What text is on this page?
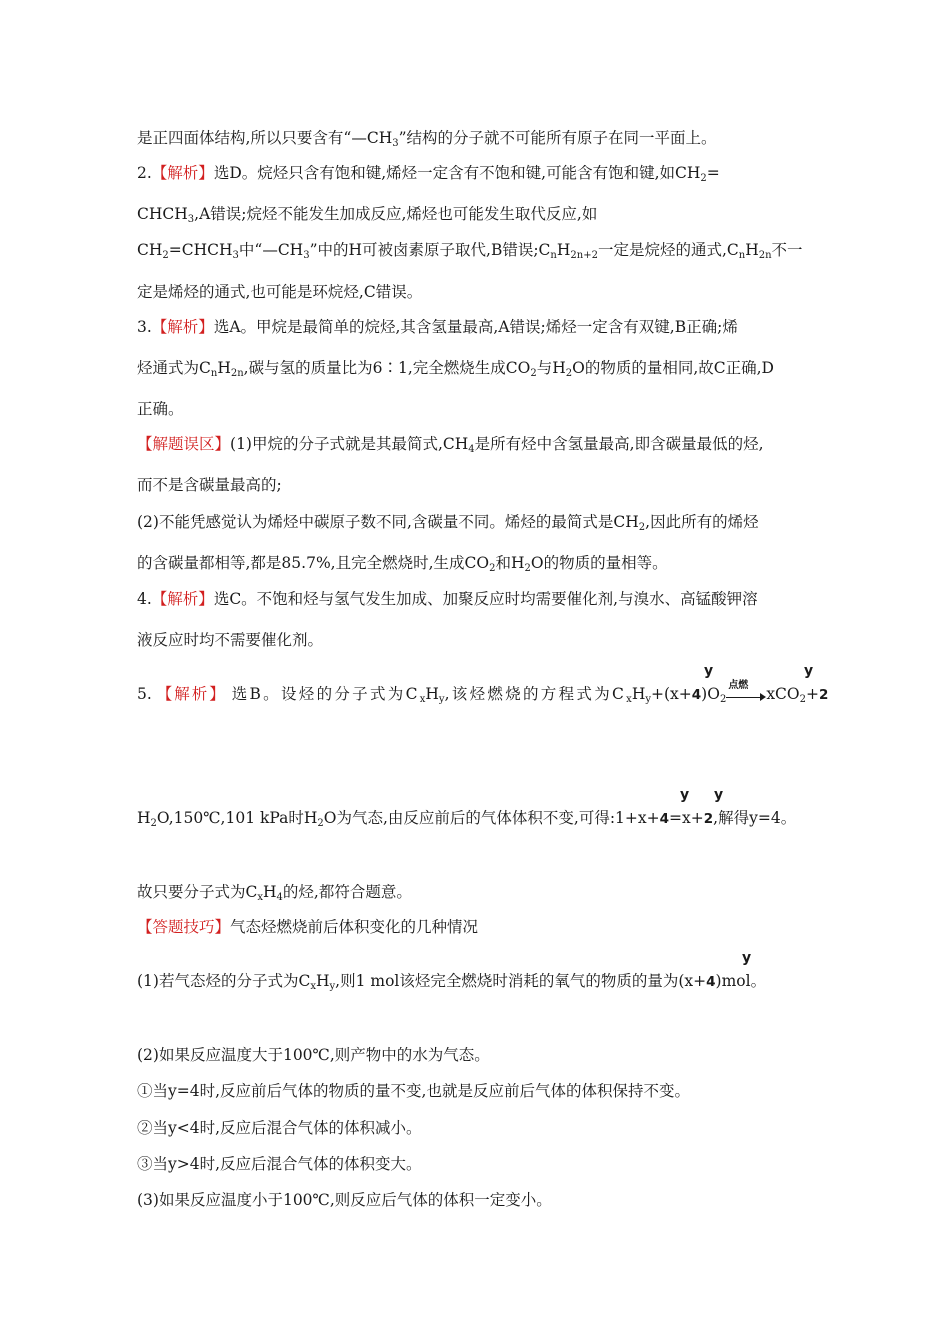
是正四面体结构,所以只要含有“$—CH_3$”结构的分子就不可能所有原子在同一平面上。
2.【解析】选D。烷烃只含有饱和键,烯烃一定含有不饱和键,可能含有饱和键,如$CH_2=$
$CHCH_3,A$错误;烷烃不能发生加成反应,烯烃也可能发生取代反应,如
$CH_2=CHCH_3$中“$—CH_3$”中的H可被卤素原子取代,B错误$;C_nH_{2n+2}$一定是烷烃的通式$,C_nH_{2n}$不一
定是烯烃的通式,也可能是环烷烃,C错误。
3.【解析】选A。甲烷是最简单的烷烃,其含氢量最高,A错误;烯烃一定含有双键,B正确;烯
烃通式为$C_nH_{2n}$,碳与氢的质量比为6∶1,完全燃烧生成$CO_2$与$H_2O$的物质的量相同,故C正确,D
正确。
【解题误区】(1)甲烷的分子式就是其最简式$,CH_4$是所有烃中含氢量最高,即含碳量最低的烃,
而不是含碳量最高的;
(2)不能凭感觉认为烯烃中碳原子数不同,含碳量不同。烯烃的最简式是$CH_2$,因此所有的烯烃
的含碳量都相等,都是85.7%,且完全燃烧时,生成$CO_2$和$H_2O$的物质的量相等。
4.【解析】选C。不饱和烃与氢气发生加成、加聚反应时均需要催化剂,与溴水、高锰酸钾溶
液反应时均不需要催化剂。
y	y
5. 【解析】 选B。设烃的分子式为$C_xH_y$,该烃燃烧的方程式为$C_xH_y+(x+4)O_2$
点燃 xCO$_2$+2
y y
$H_2O,150℃,101$ kPa时$H_2O$为气态,由反应前后的气体体积不变,可得:1+x+4=x+2,解得y=4。
故只要分子式为$C_xH_4$的烃,都符合题意。
【答题技巧】气态烃燃烧前后体积变化的几种情况
y
(1)若气态烃的分子式为$C_xH_y$,则1 mol该烃完全燃烧时消耗的氧气的物质的量为(x+4)mol。
(2)如果反应温度大于100℃,则产物中的水为气态。
①当y=4时,反应前后气体的物质的量不变,也就是反应前后气体的体积保持不变。
②当y<4时,反应后混合气体的体积减小。
③当y>4时,反应后混合气体的体积变大。
(3)如果反应温度小于100℃,则反应后气体的体积一定变小。
